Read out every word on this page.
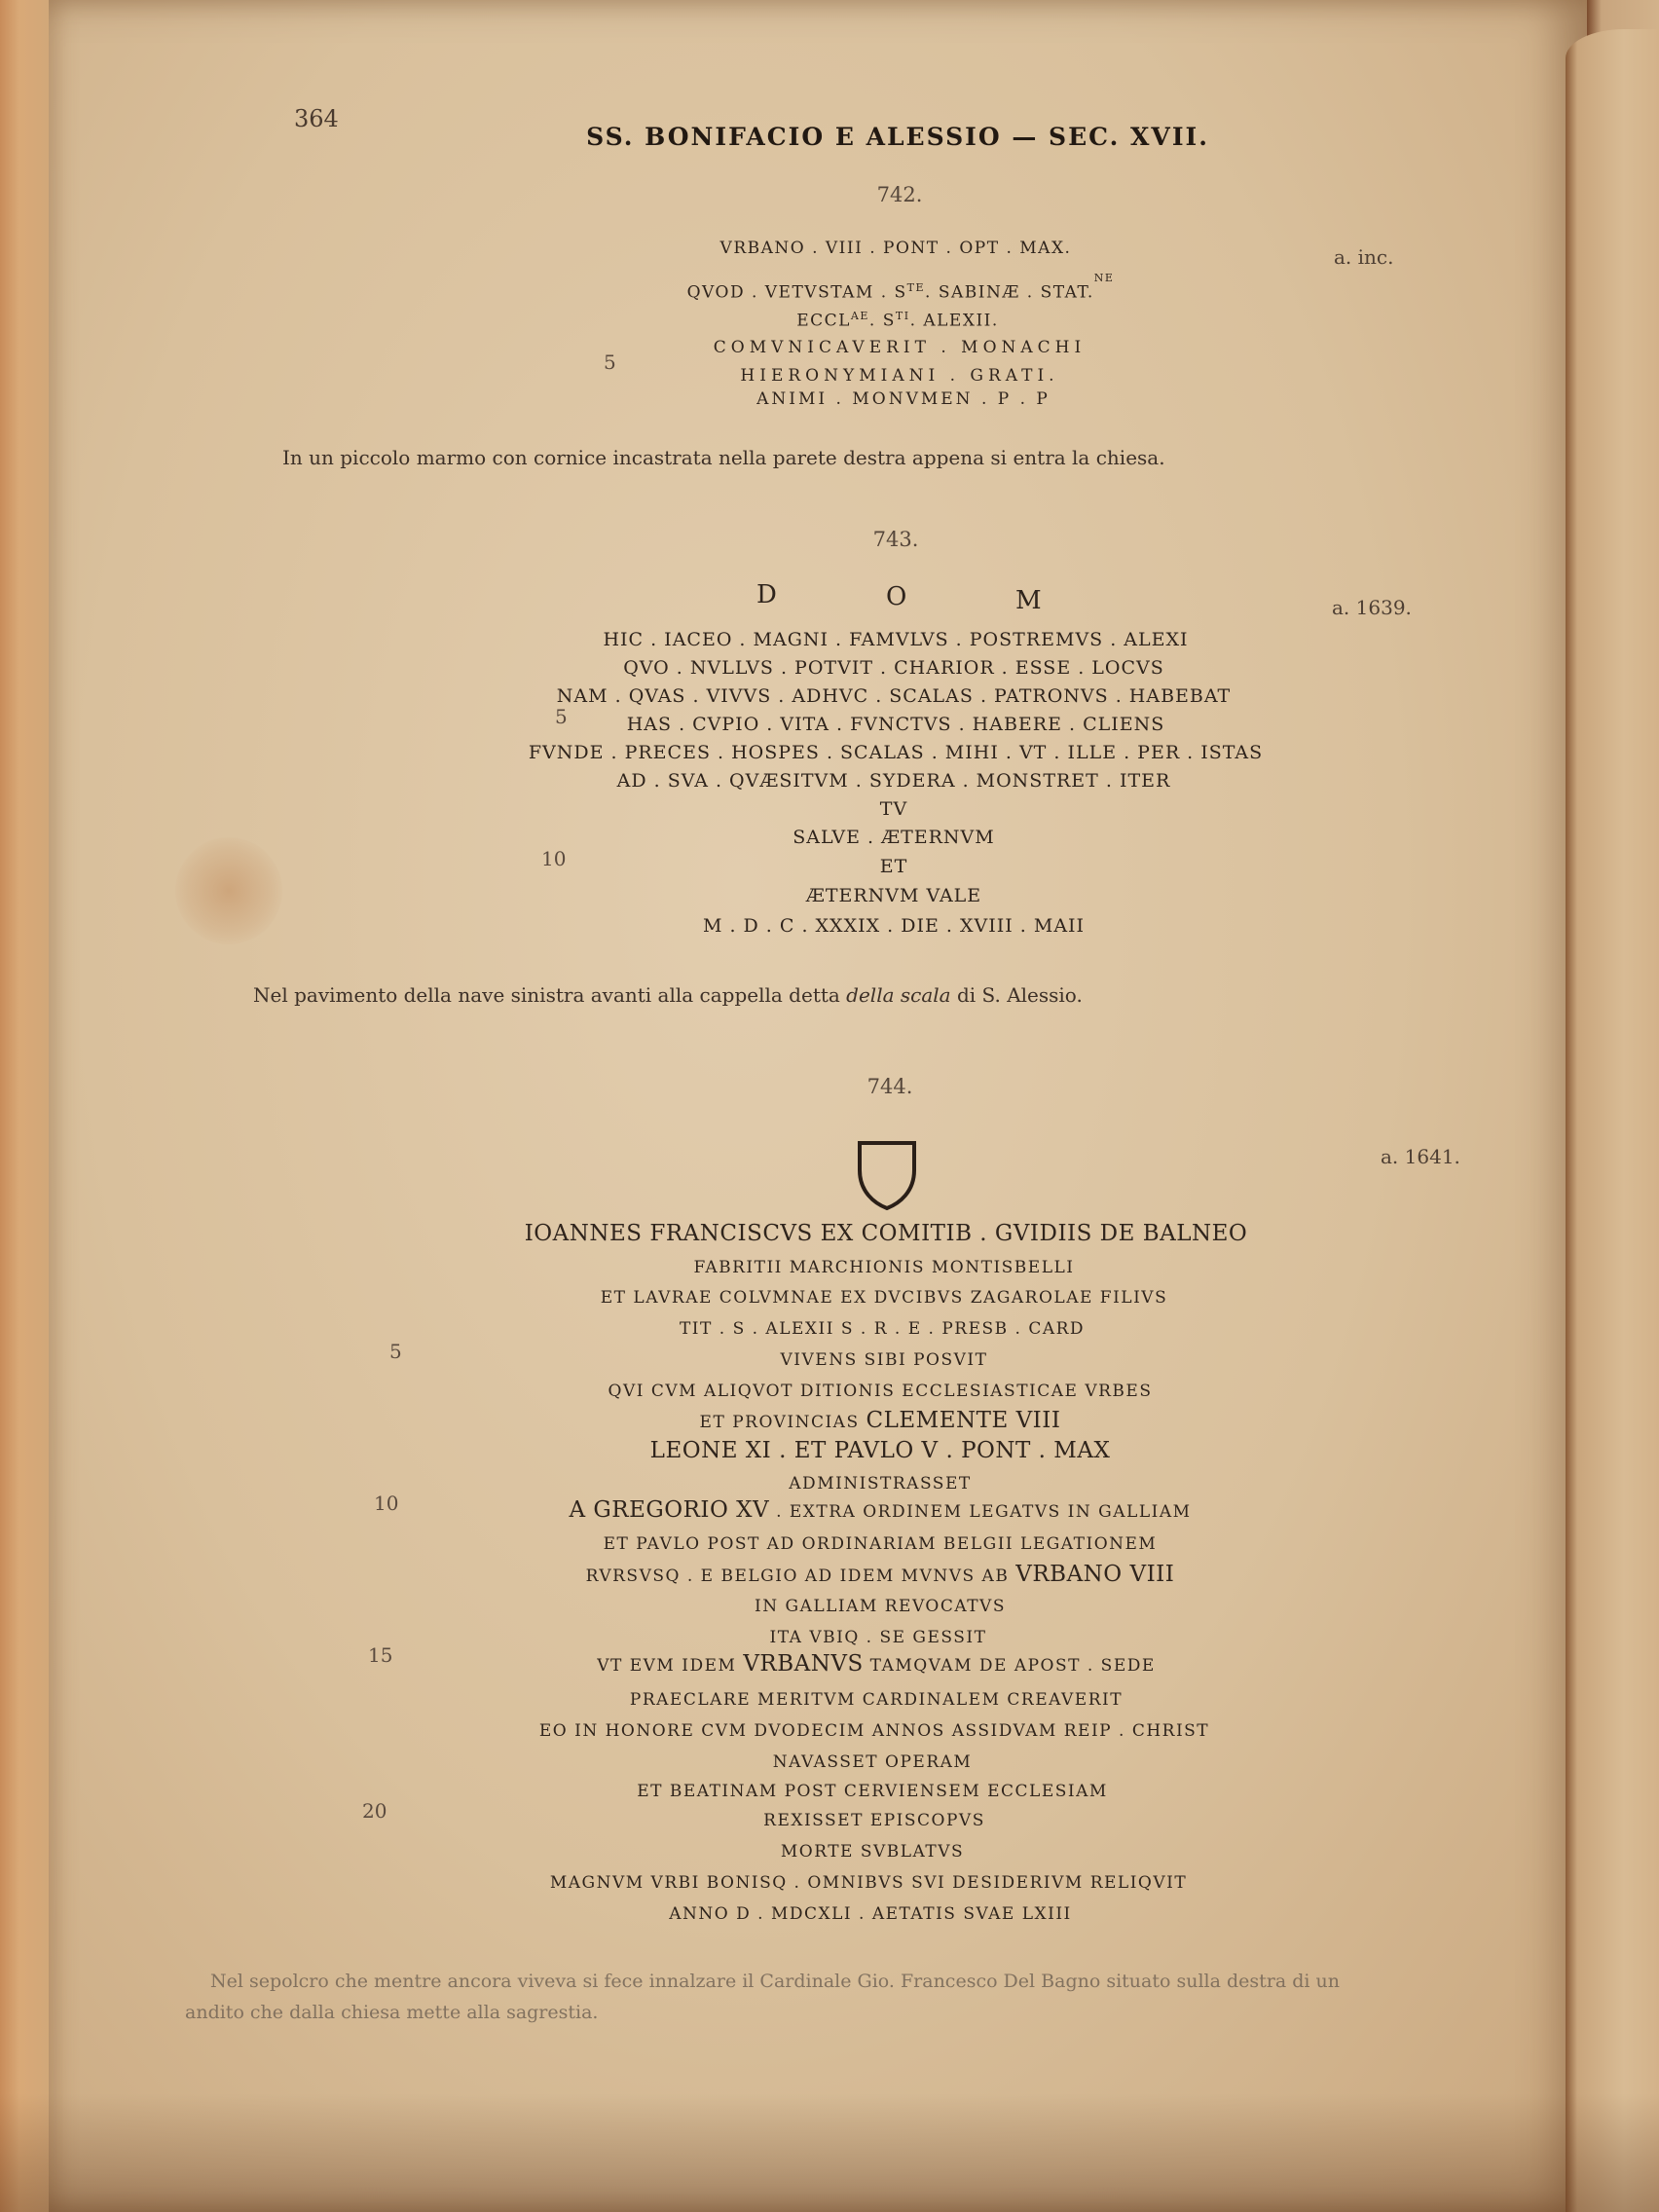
364

SS. BONIFACIO E ALESSIO — SEC. XVII.

742.

a. inc.

VRBANO . VIII . PONT . OPT . MAX.

QVOD . VETVSTAM . $S^{TE}$. SABINÆ . STAT.$^{NE}$

$ECCL^{AE}$. $S^{TI}$. ALEXII.

COMVNICAVERIT . MONACHI

5

HIERONYMIANI . GRATI.

ANIMI . MONVMEN . P . P

In un piccolo marmo con cornice incastrata nella parete destra appena si entra la chiesa.

743.

a. 1639.

D	O	M

HIC . IACEO . MAGNI . FAMVLVS . POSTREMVS . ALEXI

QVO . NVLLVS . POTVIT . CHARIOR . ESSE . LOCVS

NAM . QVAS . VIVVS . ADHVC . SCALAS . PATRONVS . HABEBAT

5	HAS . CVPIO . VITA . FVNCTVS . HABERE . CLIENS

FVNDE . PRECES . HOSPES . SCALAS . MIHI . VT . ILLE . PER . ISTAS

AD . SVA . QVÆSITVM . SYDERA . MONSTRET . ITER

TV

SALVE . ÆTERNVM

10	ET

ÆTERNVM VALE

M . D . C . XXXIX . DIE . XVIII . MAII

Nel pavimento della nave sinistra avanti alla cappella detta della scala di S. Alessio.

744.

a. 1641.

IOANNES FRANCISCVS EX COMITIB . GVIDIIS DE BALNEO

FABRITII MARCHIONIS MONTISBELLI

ET LAVRAE COLVMNAE EX DVCIBVS ZAGAROLAE FILIVS

TIT . S . ALEXII S . R . E . PRESB . CARD

5	VIVENS SIBI POSVIT

QVI CVM ALIQVOT DITIONIS ECCLESIASTICAE VRBES

ET PROVINCIAS CLEMENTE VIII

LEONE XI . ET PAVLO V . PONT . MAX

ADMINISTRASSET

10	A GREGORIO XV . EXTRA ORDINEM LEGATVS IN GALLIAM

ET PAVLO POST AD ORDINARIAM BELGII LEGATIONEM

RVRSVSQ . E BELGIO AD IDEM MVNVS AB VRBANO VIII

IN GALLIAM REVOCATVS

ITA VBIQ . SE GESSIT

15	VT EVM IDEM VRBANVS TAMQVAM DE APOST . SEDE

PRAECLARE MERITVM CARDINALEM CREAVERIT

EO IN HONORE CVM DVODECIM ANNOS ASSIDVAM REIP . CHRIST

NAVASSET OPERAM

ET BEATINAM POST CERVIENSEM ECCLESIAM

20	REXISSET EPISCOPVS

MORTE SVBLATVS

MAGNVM VRBI BONISQ . OMNIBVS SVI DESIDERIVM RELIQVIT

ANNO D . MDCXLI . AETATIS SVAE LXIII

Nel sepolcro che mentre ancora viveva si fece innalzare il Cardinale Gio. Francesco Del Bagno situato sulla destra di un

andito che dalla chiesa mette alla sagrestia.
